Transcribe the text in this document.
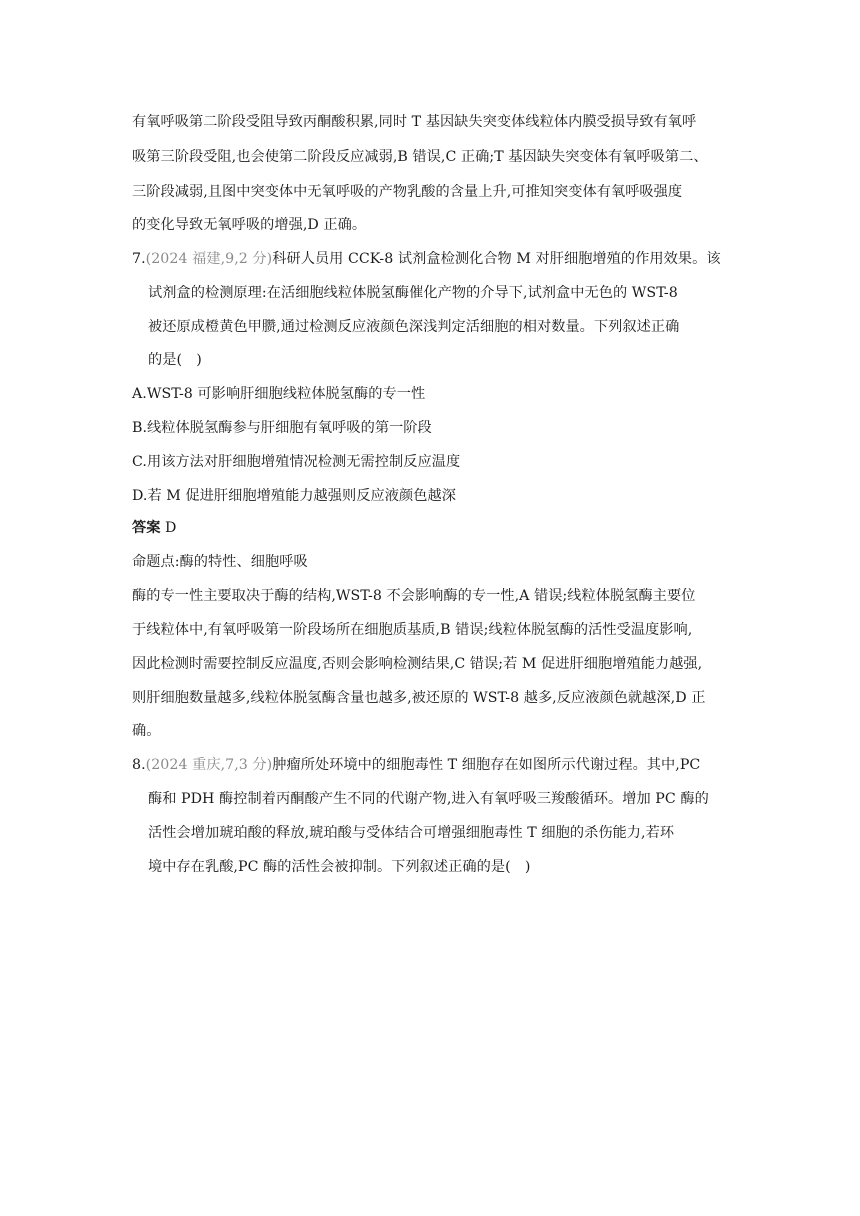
有氧呼吸第二阶段受阻导致丙酮酸积累,同时 T 基因缺失突变体线粒体内膜受损导致有氧呼
吸第三阶段受阻,也会使第二阶段反应减弱,B 错误,C 正确;T 基因缺失突变体有氧呼吸第二、
三阶段减弱,且图中突变体中无氧呼吸的产物乳酸的含量上升,可推知突变体有氧呼吸强度
的变化导致无氧呼吸的增强,D 正确。
7.(2024 福建,9,2 分)科研人员用 CCK-8 试剂盒检测化合物 M 对肝细胞增殖的作用效果。该
试剂盒的检测原理:在活细胞线粒体脱氢酶催化产物的介导下,试剂盒中无色的 WST-8
被还原成橙黄色甲臜,通过检测反应液颜色深浅判定活细胞的相对数量。下列叙述正确
的是(　)
A.WST-8 可影响肝细胞线粒体脱氢酶的专一性
B.线粒体脱氢酶参与肝细胞有氧呼吸的第一阶段
C.用该方法对肝细胞增殖情况检测无需控制反应温度
D.若 M 促进肝细胞增殖能力越强则反应液颜色越深
答案 D
命题点:酶的特性、细胞呼吸
酶的专一性主要取决于酶的结构,WST-8 不会影响酶的专一性,A 错误;线粒体脱氢酶主要位
于线粒体中,有氧呼吸第一阶段场所在细胞质基质,B 错误;线粒体脱氢酶的活性受温度影响,
因此检测时需要控制反应温度,否则会影响检测结果,C 错误;若 M 促进肝细胞增殖能力越强,
则肝细胞数量越多,线粒体脱氢酶含量也越多,被还原的 WST-8 越多,反应液颜色就越深,D 正
确。
8.(2024 重庆,7,3 分)肿瘤所处环境中的细胞毒性 T 细胞存在如图所示代谢过程。其中,PC
酶和 PDH 酶控制着丙酮酸产生不同的代谢产物,进入有氧呼吸三羧酸循环。增加 PC 酶的
活性会增加琥珀酸的释放,琥珀酸与受体结合可增强细胞毒性 T 细胞的杀伤能力,若环
境中存在乳酸,PC 酶的活性会被抑制。下列叙述正确的是(　)
